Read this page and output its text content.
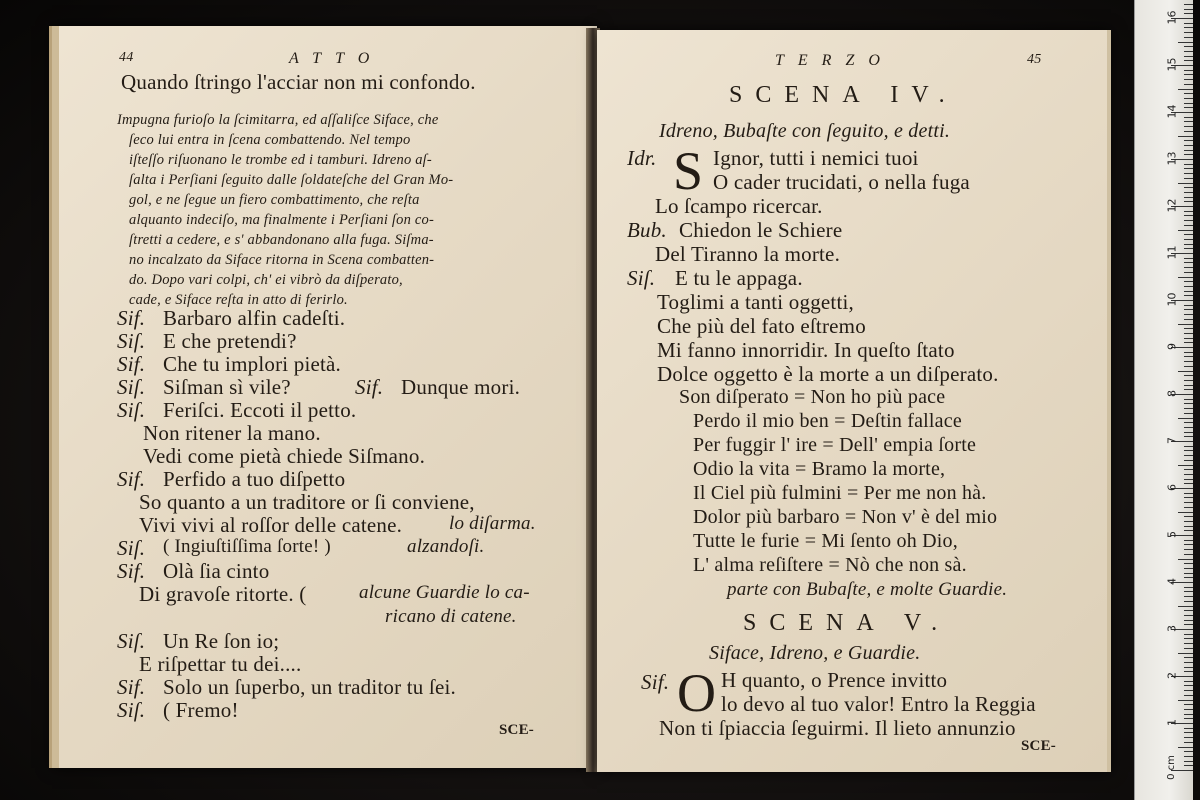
44	ATTO
Quando ſtringo l'acciar non mi confondo.
Impugna furioſo la ſcimitarra, ed aſſaliſce Siface, che
ſeco lui entra in ſcena combattendo. Nel tempo
iſteſſo riſuonano le trombe ed i tamburi. Idreno aſ-
ſalta i Perſiani ſeguito dalle ſoldateſche del Gran Mo-
gol, e ne ſegue un fiero combattimento, che reſta
alquanto indeciſo, ma finalmente i Perſiani ſon co-
ſtretti a cedere, e s' abbandonano alla fuga. Siſma-
no incalzato da Siface ritorna in Scena combatten-
do. Dopo vari colpi, ch' ei vibrò da diſperato,
cade, e Siface reſta in atto di ferirlo.
Sif. Barbaro alfin cadeſti.
Siſ. E che pretendi?
Sif. Che tu implori pietà.
Siſ. Siſman sì vile?	Sif. Dunque mori.
Siſ. Feriſci. Eccoti il petto.
Non ritener la mano.
Vedi come pietà chiede Siſmano.
Sif. Perfido a tuo diſpetto
So quanto a un traditore or ſi conviene,
Vivi vivi al roſſor delle catene. lo diſarma.
Siſ. ( Ingiuſtiſſima ſorte! )	alzandoſi.
Sif. Olà ſia cinto
Di gravoſe ritorte. (	alcune Guardie lo ca-
ricano di catene.
Siſ. Un Re ſon io;
E riſpettar tu dei....
Sif. Solo un ſuperbo, un traditor tu ſei.
Siſ. ( Fremo!
SCE-
TERZO	45
SCENA IV.
Idreno, Bubaſte con ſeguito, e detti.
Idr. S Ignor, tutti i nemici tuoi
O cader trucidati, o nella fuga
Lo ſcampo ricercar.
Bub. Chiedon le Schiere
Del Tiranno la morte.
Siſ. E tu le appaga.
Toglimi a tanti oggetti,
Che più del fato eſtremo
Mi fanno innorridir. In queſto ſtato
Dolce oggetto è la morte a un diſperato.
Son diſperato = Non ho più pace
Perdo il mio ben = Deſtin fallace
Per fuggir l' ire = Dell' empia ſorte
Odio la vita = Bramo la morte,
Il Ciel più fulmini = Per me non hà.
Dolor più barbaro = Non v' è del mio
Tutte le furie = Mi ſento oh Dio,
L' alma reſiſtere = Nò che non sà.
parte con Bubaſte, e molte Guardie.
SCENA V.
Siface, Idreno, e Guardie.
Sif. O H quanto, o Prence invitto
lo devo al tuo valor! Entro la Reggia
Non ti ſpiaccia ſeguirmi. Il lieto annunzio
SCE-
0 cm
1
2
3
4
5
6
7
8
9
10
11
12
13
14
15
16
